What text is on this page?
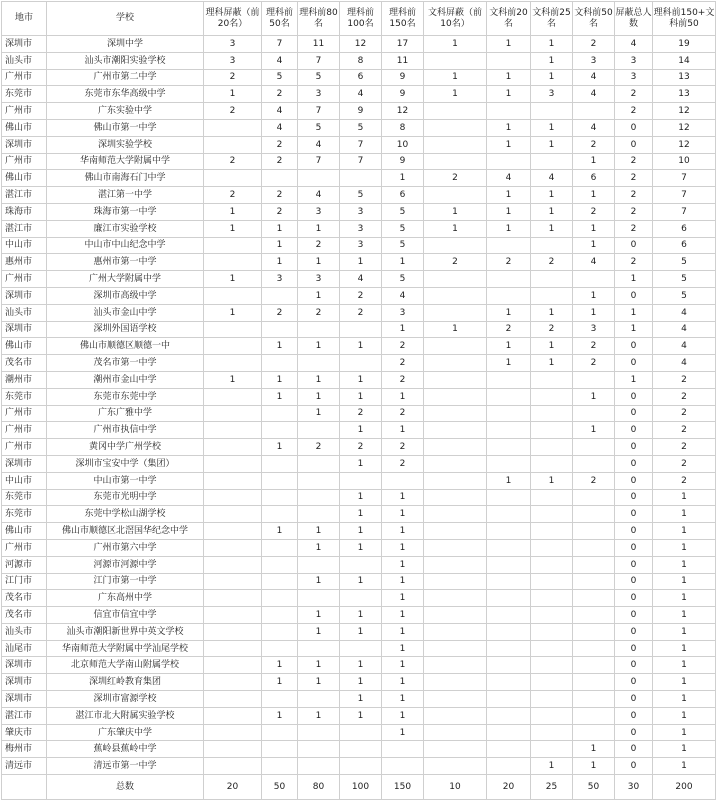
地市	学校	理科屏蔽（前20名）	理科前50名	理科前80名	理科前100名	理科前150名	文科屏蔽（前10名）	文科前20名	文科前25名	文科前50名	屏蔽总人数	理科前150+文科前50
深圳市	深圳中学	3	7	11	12	17	1	1	1	2	4	19
汕头市	汕头市潮阳实验学校	3	4	7	8	11			1	3	3	14
广州市	广州市第二中学	2	5	5	6	9	1	1	1	4	3	13
东莞市	东莞市东华高级中学	1	2	3	4	9	1	1	3	4	2	13
广州市	广东实验中学	2	4	7	9	12					2	12
佛山市	佛山市第一中学		4	5	5	8		1	1	4	0	12
深圳市	深圳实验学校		2	4	7	10		1	1	2	0	12
广州市	华南师范大学附属中学	2	2	7	7	9				1	2	10
佛山市	佛山市南海石门中学					1	2	4	4	6	2	7
湛江市	湛江第一中学	2	2	4	5	6		1	1	1	2	7
珠海市	珠海市第一中学	1	2	3	3	5	1	1	1	2	2	7
湛江市	廉江市实验学校	1	1	1	3	5	1	1	1	1	2	6
中山市	中山市中山纪念中学		1	2	3	5				1	0	6
惠州市	惠州市第一中学		1	1	1	1	2	2	2	4	2	5
广州市	广州大学附属中学	1	3	3	4	5					1	5
深圳市	深圳市高级中学			1	2	4				1	0	5
汕头市	汕头市金山中学	1	2	2	2	3		1	1	1	1	4
深圳市	深圳外国语学校					1	1	2	2	3	1	4
佛山市	佛山市顺德区顺德一中		1	1	1	2		1	1	2	0	4
茂名市	茂名市第一中学					2		1	1	2	0	4
潮州市	潮州市金山中学	1	1	1	1	2					1	2
东莞市	东莞市东莞中学		1	1	1	1				1	0	2
广州市	广东广雅中学			1	2	2					0	2
广州市	广州市执信中学				1	1				1	0	2
广州市	黄冈中学广州学校		1	2	2	2					0	2
深圳市	深圳市宝安中学（集团）				1	2					0	2
中山市	中山市第一中学							1	1	2	0	2
东莞市	东莞市光明中学				1	1					0	1
东莞市	东莞中学松山湖学校				1	1					0	1
佛山市	佛山市顺德区北滘国华纪念中学		1	1	1	1					0	1
广州市	广州市第六中学			1	1	1					0	1
河源市	河源市河源中学					1					0	1
江门市	江门市第一中学			1	1	1					0	1
茂名市	广东高州中学					1					0	1
茂名市	信宜市信宜中学			1	1	1					0	1
汕头市	汕头市潮阳新世界中英文学校			1	1	1					0	1
汕尾市	华南师范大学附属中学汕尾学校					1					0	1
深圳市	北京师范大学南山附属学校		1	1	1	1					0	1
深圳市	深圳红岭教育集团		1	1	1	1					0	1
深圳市	深圳市富源学校				1	1					0	1
湛江市	湛江市北大附属实验学校		1	1	1	1					0	1
肇庆市	广东肇庆中学					1					0	1
梅州市	蕉岭县蕉岭中学									1	0	1
清远市	清远市第一中学								1	1	0	1
	总数	20	50	80	100	150	10	20	25	50	30	200
